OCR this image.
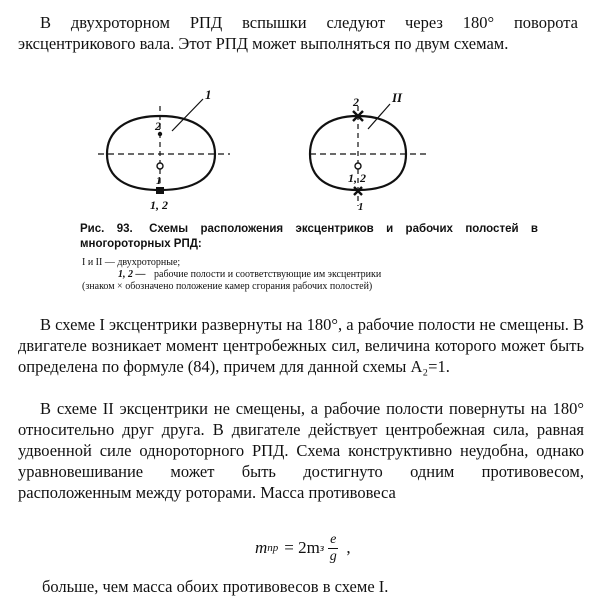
В двухроторном РПД вспышки следуют через 180° поворота эксцентрикового вала. Этот РПД может выполняться по двум схемам.
1	II
2
1
1, 2
2
1, 2
1
Рис. 93. Схемы расположения эксцентриков и рабочих полостей в многороторных РПД:
I и II — двухроторные;
1, 2 — рабочие полости и соответствующие им эксцентрики
(знаком × обозначено положение камер сгорания рабочих полостей)
В схеме I эксцентрики развернуты на 180°, а рабочие полости не смещены. В двигателе возникает момент центробежных сил, величина которого может быть определена по формуле (84), причем для данной схемы A₂=1.
В схеме II эксцентрики не смещены, а рабочие полости повернуты на 180° относительно друг друга. В двигателе действует центробежная сила, равная удвоенной силе однороторного РПД. Схема конструктивно неудобна, однако уравновешивание может быть достигнуто одним противовесом, расположенным между роторами. Масса противовеса
m пр = 2m з $\frac{e}{g}$ ,
больше, чем масса обоих противовесов в схеме I.
